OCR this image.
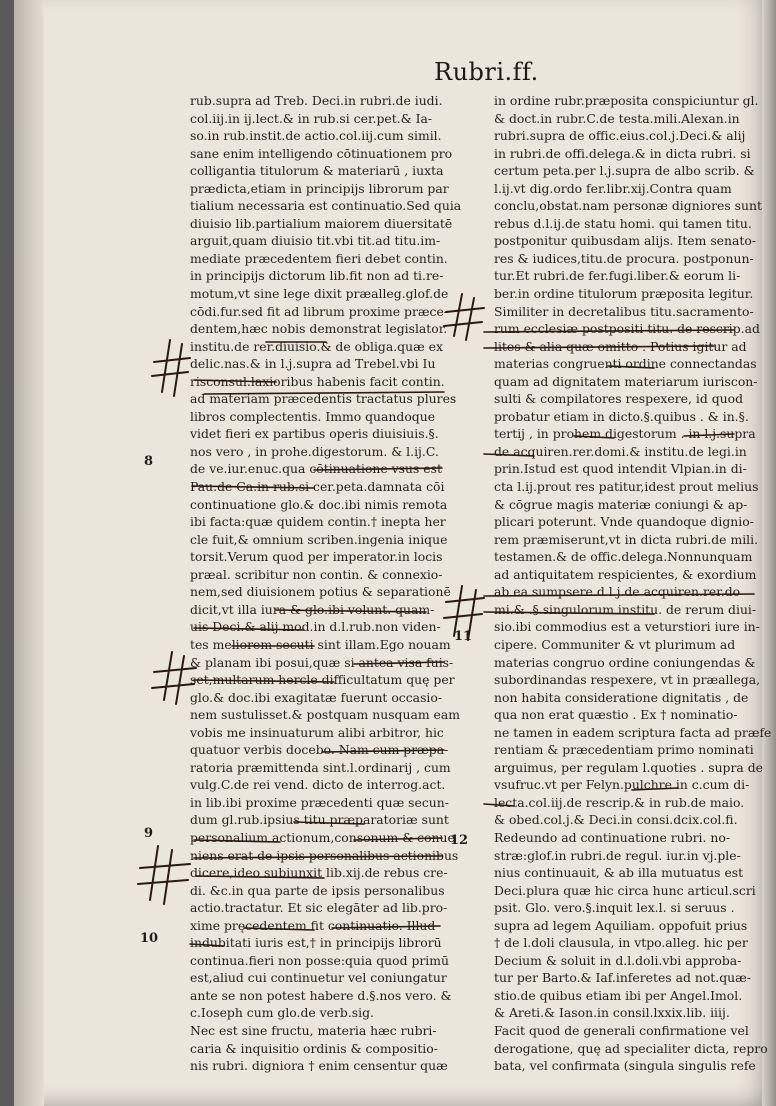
Rubri.ff.
rub.supra ad Treb. Deci.in rubri.de iudi.
col.iij.in ij.lect.& in rub.si cer.pet.& Ia-
so.in rub.instit.de actio.col.iij.cum simil.
sane enim intelligendo cōtinuationem pro
colligantia titulorum & materiarū , iuxta
prædicta,etiam in principijs librorum par
tialium necessaria est continuatio.Sed quia
diuisio lib.partialium maiorem diuersitatē
arguit,quam diuisio tit.vbi tit.ad titu.im-
mediate præcedentem fieri debet contin.
in principijs dictorum lib.fit non ad ti.re-
motum,vt sine lege dixit præalleg.glof.de
cōdi.fur.sed fit ad librum proxime præce-
dentem,hæc nobis demonstrat legislator.
institu.de rer.diuisio.& de obliga.quæ ex
delic.nas.& in l.j.supra ad Trebel.vbi Iu
risconsul.laxioribus habenis facit contin.
ad materiam præcedentis tractatus plures
libros complectentis. Immo quandoque
videt fieri ex partibus operis diuisiuis.§.
nos vero , in prohe.digestorum. & l.ij.C.
de ve.iur.enuc.qua cōtinuatione vsus est
Pau.de Ca.in rub.si cer.peta.damnata cōi
continuatione glo.& doc.ibi nimis remota
ibi facta:quæ quidem contin.† inepta her
cle fuit,& omnium scriben.ingenia inique
torsit.Verum quod per imperator.in locis
præal. scribitur non contin. & connexio-
nem,sed diuisionem potius & separationē
dicit,vt illa iura & glo.ibi volunt. quam-
uis Deci.& alij mod.in d.l.rub.non viden-
tes meliorem secuti sint illam.Ego nouam
& planam ibi posui,quæ si antea visa fuis-
set,multarum hercle difficultatum quę per
glo.& doc.ibi exagitatæ fuerunt occasio-
nem sustulisset.& postquam nusquam eam
vobis me insinuaturum alibi arbitror, hic
quatuor verbis docebo. Nam cum præpa-
ratoria præmittenda sint.l.ordinarij , cum
vulg.C.de rei vend. dicto de interrog.act.
in lib.ibi proxime præcedenti quæ secun-
dum gl.rub.ipsius titu.præparatoriæ sunt
personalium actionum,consonum & conue
niens erat de ipsis personalibus actionibus
dicere,ideo subiunxit lib.xij.de rebus cre-
di. &c.in qua parte de ipsis personalibus
actio.tractatur. Et sic elegāter ad lib.pro-
xime pręcedentem fit continuatio. Illud
indubitati iuris est,† in principijs librorū
continua.fieri non posse:quia quod primū
est,aliud cui continuetur vel coniungatur
ante se non potest habere d.§.nos vero. &
c.Ioseph cum glo.de verb.sig.
Nec est sine fructu, materia hæc rubri-
caria & inquisitio ordinis & compositio-
nis rubri. digniora † enim censentur quæ
in ordine rubr.præposita conspiciuntur gl.
& doct.in rubr.C.de testa.mili.Alexan.in
rubri.supra de offic.eius.col.j.Deci.& alij
in rubri.de offi.delega.& in dicta rubri. si
certum peta.per l.j.supra de albo scrib. &
l.ij.vt dig.ordo fer.libr.xij.Contra quam
conclu,obstat.nam personæ digniores sunt
rebus d.l.ij.de statu homi. qui tamen titu.
postponitur quibusdam alijs. Item senato-
res & iudices,titu.de procura. postponun-
tur.Et rubri.de fer.fugi.liber.& eorum li-
ber.in ordine titulorum præposita legitur.
Similiter in decretalibus titu.sacramento-
rum ecclesiæ postpositi titu. de rescrip.ad
lites & alia quæ omitto . Potius igitur ad
materias congruenti ordine connectandas
quam ad dignitatem materiarum iuriscon-
sulti & compilatores respexere, id quod
probatur etiam in dicto.§.quibus . & in.§.
tertij , in prohem.digestorum . in l.j.supra
de acquiren.rer.domi.& institu.de legi.in
prin.Istud est quod intendit Vlpian.in di-
cta l.ij.prout res patitur,idest prout melius
& cōgrue magis materiæ coniungi & ap-
plicari poterunt. Vnde quandoque dignio-
rem præmiserunt,vt in dicta rubri.de mili.
testamen.& de offic.delega.Nonnunquam
ad antiquitatem respicientes, & exordium
ab ea sumpsere.d.l.j.de acquiren.rer.do
mi.& .§.singulorum institu. de rerum diui-
sio.ibi commodius est a veturstiori iure in-
cipere. Communiter & vt plurimum ad
materias congruo ordine coniungendas &
subordinandas respexere, vt in præallega,
non habita consideratione dignitatis , de
qua non erat quæstio . Ex † nominatio-
ne tamen in eadem scriptura facta ad præfe
rentiam & præcedentiam primo nominati
arguimus, per regulam l.quoties . supra de
vsufruc.vt per Felyn.pulchre in c.cum di-
lecta.col.iij.de rescrip.& in rub.de maio.
& obed.col.j.& Deci.in consi.dcix.col.fi.
Redeundo ad continuatione rubri. no-
stræ:glof.in rubri.de regul. iur.in vj.ple-
nius continuauit, & ab illa mutuatus est
Deci.plura quæ hic circa hunc articul.scri
psit. Glo. vero.§.inquit lex.l. si seruus .
supra ad legem Aquiliam. oppofuit prius
† de l.doli clausula, in vtpo.alleg. hic per
Decium & soluit in d.l.doli.vbi approba-
tur per Barto.& Iaf.inferetes ad not.quæ-
stio.de quibus etiam ibi per Angel.Imol.
& Areti.& Iason.in consil.lxxix.lib. iiij.
Facit quod de generali confirmatione vel
derogatione, quę ad specialiter dicta, repro
bata, vel confirmata (singula singulis refe
8
9
10
11
12
